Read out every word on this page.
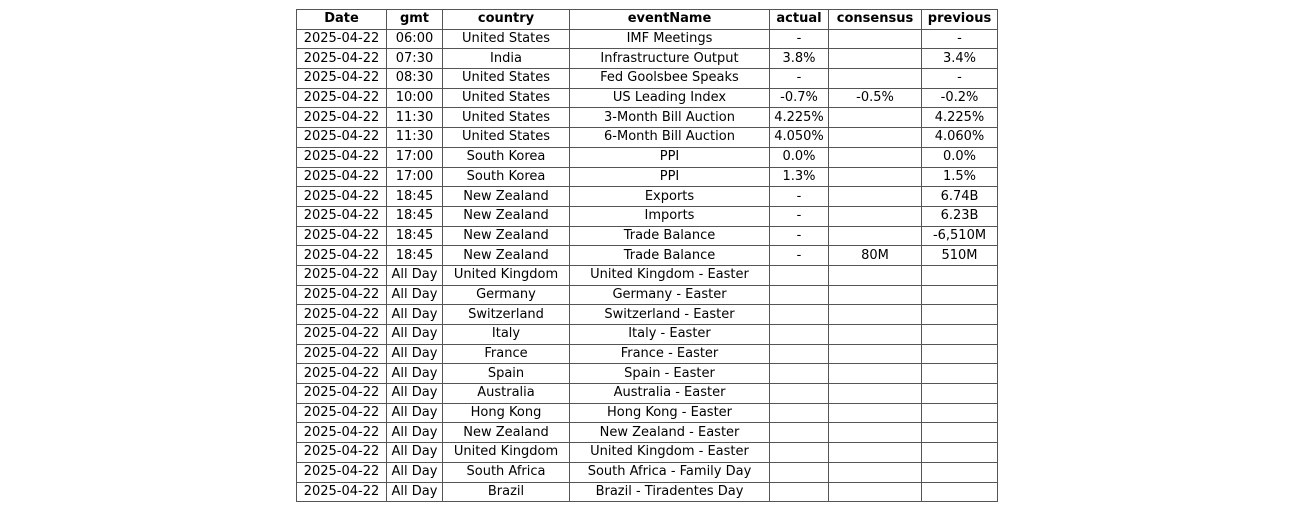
Date	gmt	country	eventName	actual	consensus	previous
2025-04-22	06:00	United States	IMF Meetings	-		-
2025-04-22	07:30	India	Infrastructure Output	3.8%		3.4%
2025-04-22	08:30	United States	Fed Goolsbee Speaks	-		-
2025-04-22	10:00	United States	US Leading Index	-0.7%	-0.5%	-0.2%
2025-04-22	11:30	United States	3-Month Bill Auction	4.225%		4.225%
2025-04-22	11:30	United States	6-Month Bill Auction	4.050%		4.060%
2025-04-22	17:00	South Korea	PPI	0.0%		0.0%
2025-04-22	17:00	South Korea	PPI	1.3%		1.5%
2025-04-22	18:45	New Zealand	Exports	-		6.74B
2025-04-22	18:45	New Zealand	Imports	-		6.23B
2025-04-22	18:45	New Zealand	Trade Balance	-		-6,510M
2025-04-22	18:45	New Zealand	Trade Balance	-	80M	510M
2025-04-22	All Day	United Kingdom	United Kingdom - Easter			
2025-04-22	All Day	Germany	Germany - Easter			
2025-04-22	All Day	Switzerland	Switzerland - Easter			
2025-04-22	All Day	Italy	Italy - Easter			
2025-04-22	All Day	France	France - Easter			
2025-04-22	All Day	Spain	Spain - Easter			
2025-04-22	All Day	Australia	Australia - Easter			
2025-04-22	All Day	Hong Kong	Hong Kong - Easter			
2025-04-22	All Day	New Zealand	New Zealand - Easter			
2025-04-22	All Day	United Kingdom	United Kingdom - Easter			
2025-04-22	All Day	South Africa	South Africa - Family Day			
2025-04-22	All Day	Brazil	Brazil - Tiradentes Day			
